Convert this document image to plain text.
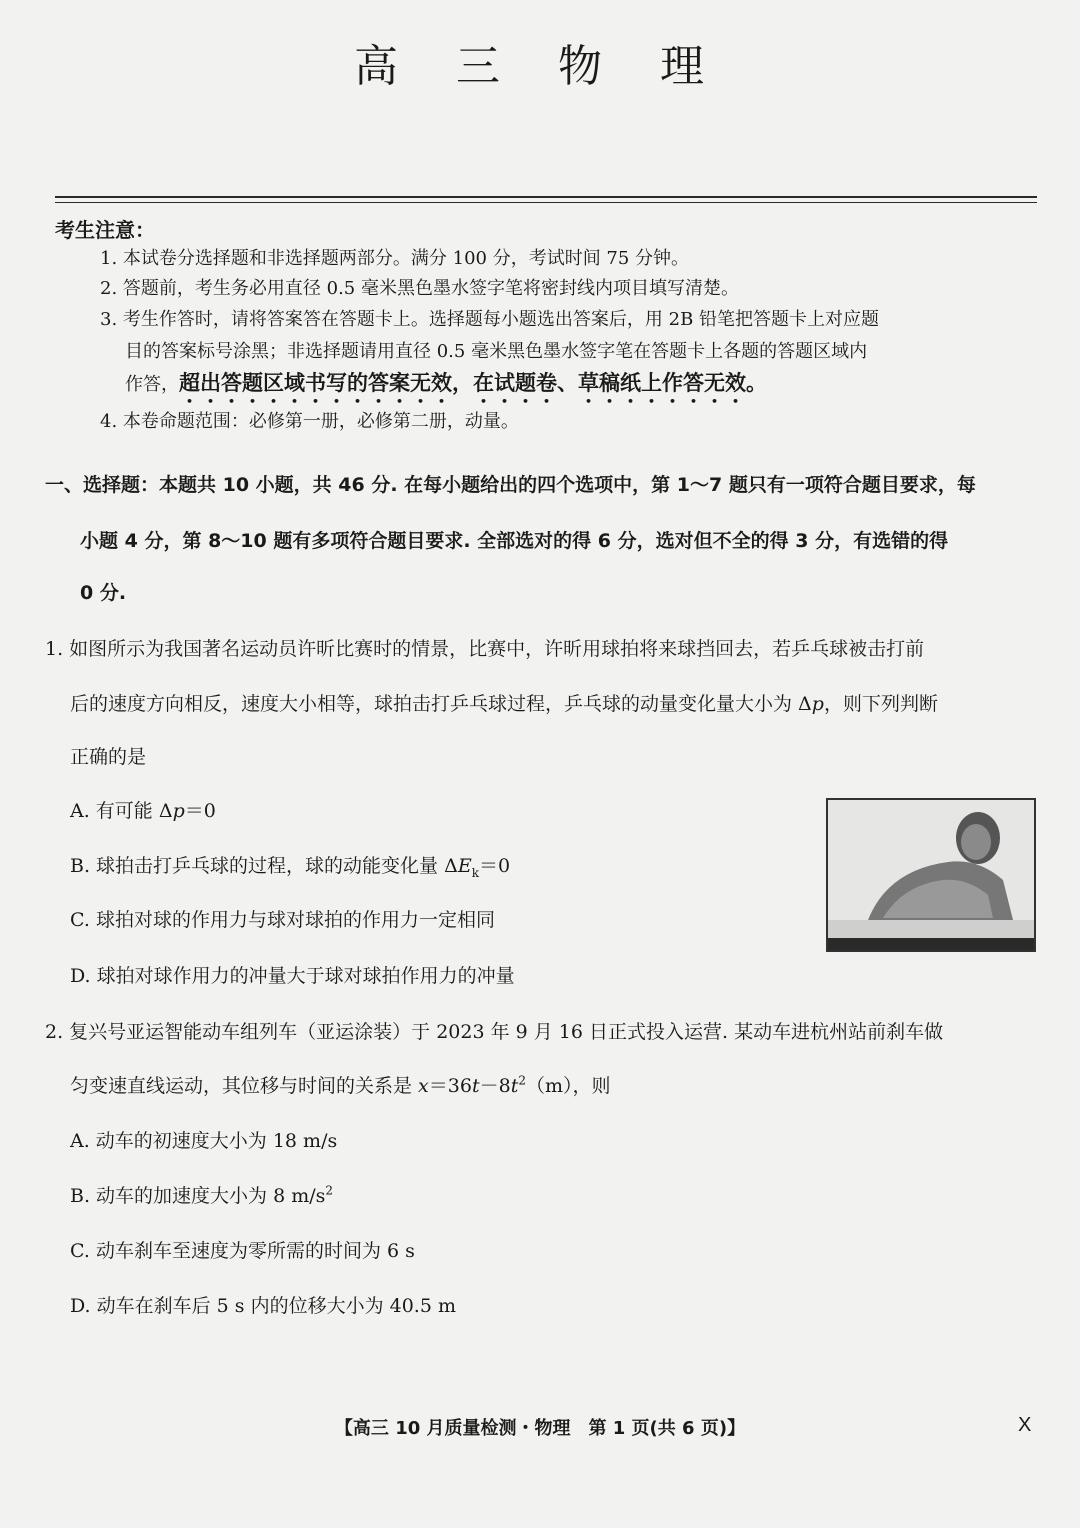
高 三 物 理
考生注意：
1. 本试卷分选择题和非选择题两部分。满分 100 分，考试时间 75 分钟。
2. 答题前，考生务必用直径 0.5 毫米黑色墨水签字笔将密封线内项目填写清楚。
3. 考生作答时，请将答案答在答题卡上。选择题每小题选出答案后，用 2B 铅笔把答题卡上对应题
目的答案标号涂黑；非选择题请用直径 0.5 毫米黑色墨水签字笔在答题卡上各题的答题区域内
作答，超出答题区域书写的答案无效，在试题卷、草稿纸上作答无效。
4. 本卷命题范围：必修第一册，必修第二册，动量。
一、选择题：本题共 10 小题，共 46 分. 在每小题给出的四个选项中，第 1～7 题只有一项符合题目要求，每
小题 4 分，第 8～10 题有多项符合题目要求. 全部选对的得 6 分，选对但不全的得 3 分，有选错的得
0 分.
1. 如图所示为我国著名运动员许昕比赛时的情景，比赛中，许昕用球拍将来球挡回去，若乒乓球被击打前
后的速度方向相反，速度大小相等，球拍击打乒乓球过程，乒乓球的动量变化量大小为 Δp，则下列判断
正确的是
A. 有可能 Δp＝0
B. 球拍击打乒乓球的过程，球的动能变化量 $\Delta E_k=0$
C. 球拍对球的作用力与球对球拍的作用力一定相同
D. 球拍对球作用力的冲量大于球对球拍作用力的冲量
2. 复兴号亚运智能动车组列车（亚运涂装）于 2023 年 9 月 16 日正式投入运营. 某动车进杭州站前刹车做
匀变速直线运动，其位移与时间的关系是 $x=36t-8t^2(m)$，则
A. 动车的初速度大小为 18 m/s
B. 动车的加速度大小为 8 $m/s^2$
C. 动车刹车至速度为零所需的时间为 6 s
D. 动车在刹车后 5 s 内的位移大小为 40.5 m
【高三 10 月质量检测・物理　第 1 页(共 6 页)】	X
